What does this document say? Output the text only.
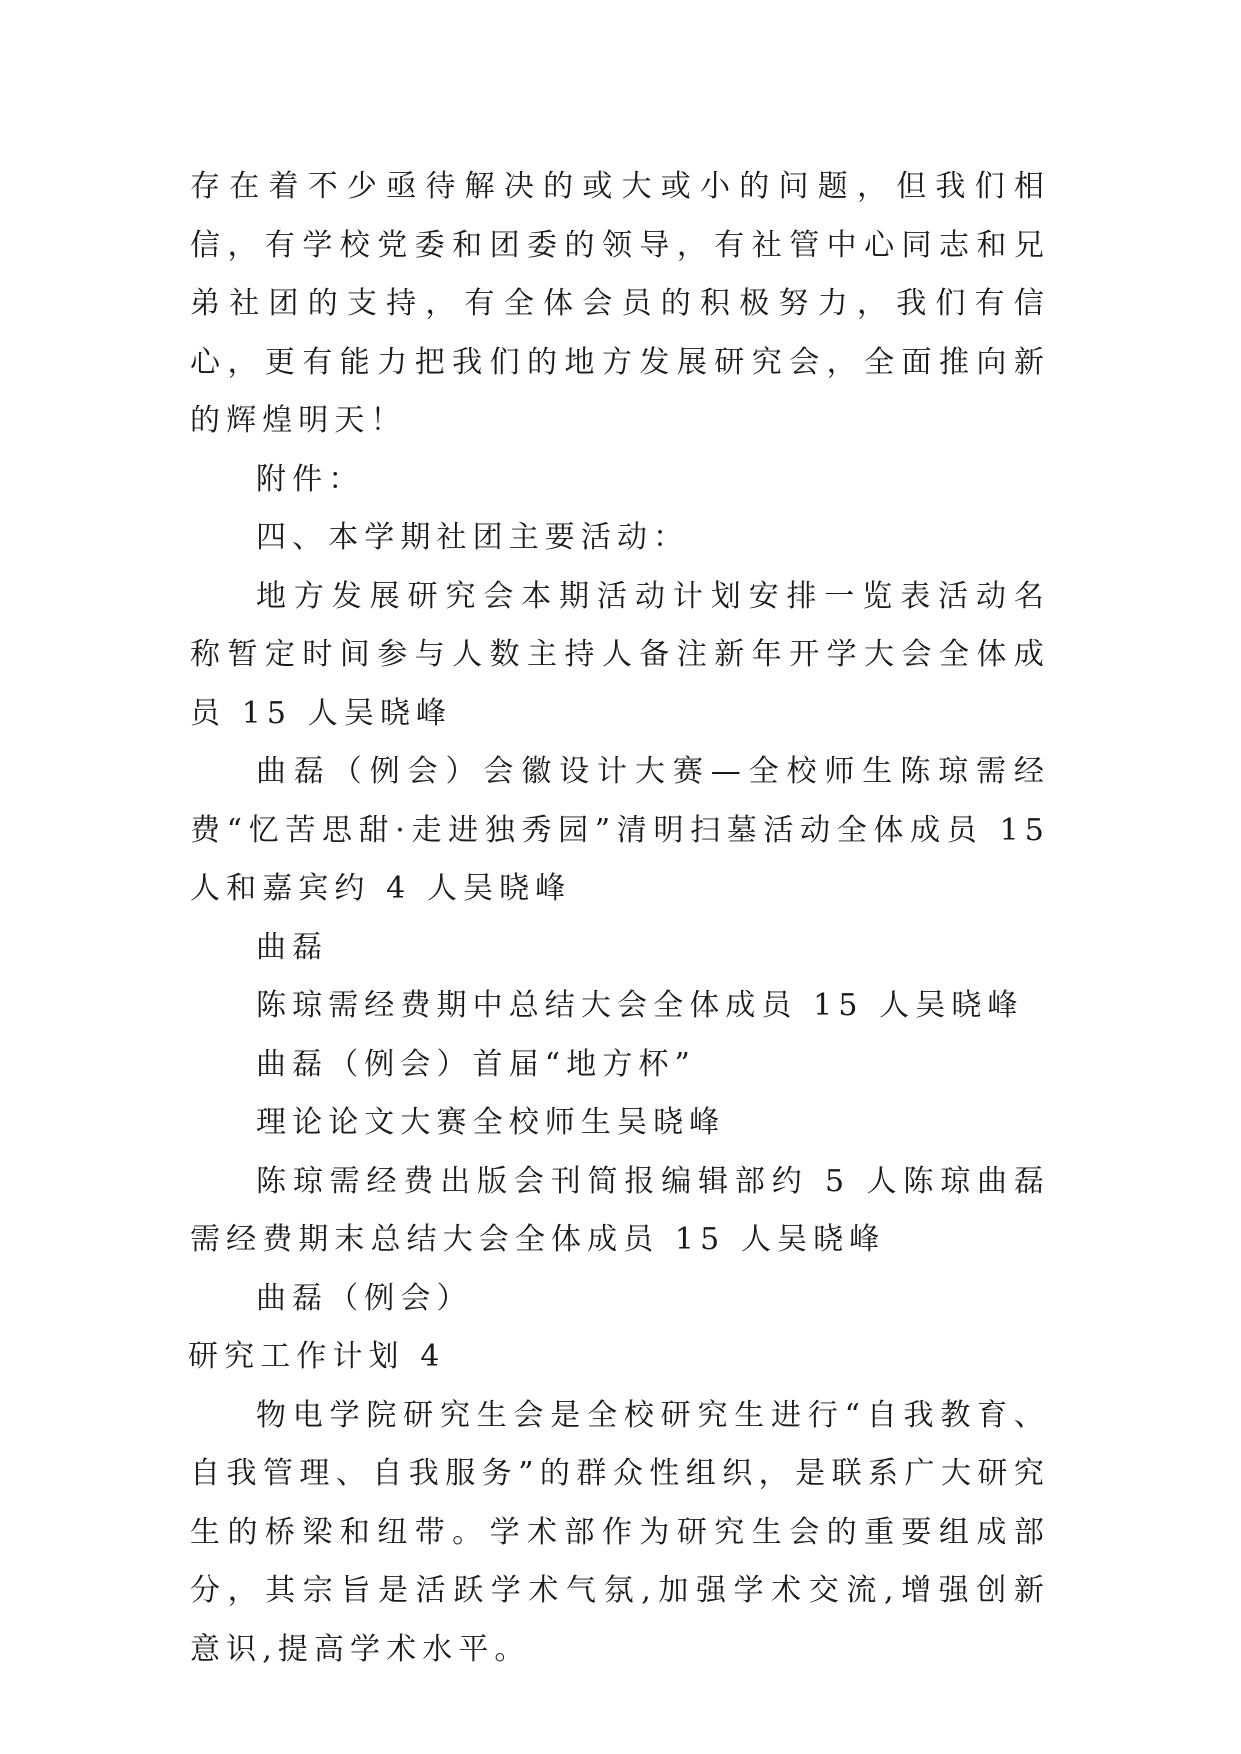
存在着不少亟待解决的或大或小的问题，但我们相信，有学校党委和团委的领导，有社管中心同志和兄弟社团的支持，有全体会员的积极努力，我们有信心，更有能力把我们的地方发展研究会，全面推向新的辉煌明天！

附件：

四、本学期社团主要活动：

地方发展研究会本期活动计划安排一览表活动名称暂定时间参与人数主持人备注新年开学大会全体成员 15 人吴晓峰

曲磊（例会）会徽设计大赛—全校师生陈琼需经费“忆苦思甜·走进独秀园”清明扫墓活动全体成员 15 人和嘉宾约 4 人吴晓峰

曲磊

陈琼需经费期中总结大会全体成员 15 人吴晓峰

曲磊（例会）首届“地方杯”

理论论文大赛全校师生吴晓峰

陈琼需经费出版会刊简报编辑部约 5 人陈琼曲磊需经费期末总结大会全体成员 15 人吴晓峰

曲磊（例会）

研究工作计划 4

物电学院研究生会是全校研究生进行“自我教育、自我管理、自我服务”的群众性组织，是联系广大研究生的桥梁和纽带。学术部作为研究生会的重要组成部分，其宗旨是活跃学术气氛,加强学术交流,增强创新意识,提高学术水平。
